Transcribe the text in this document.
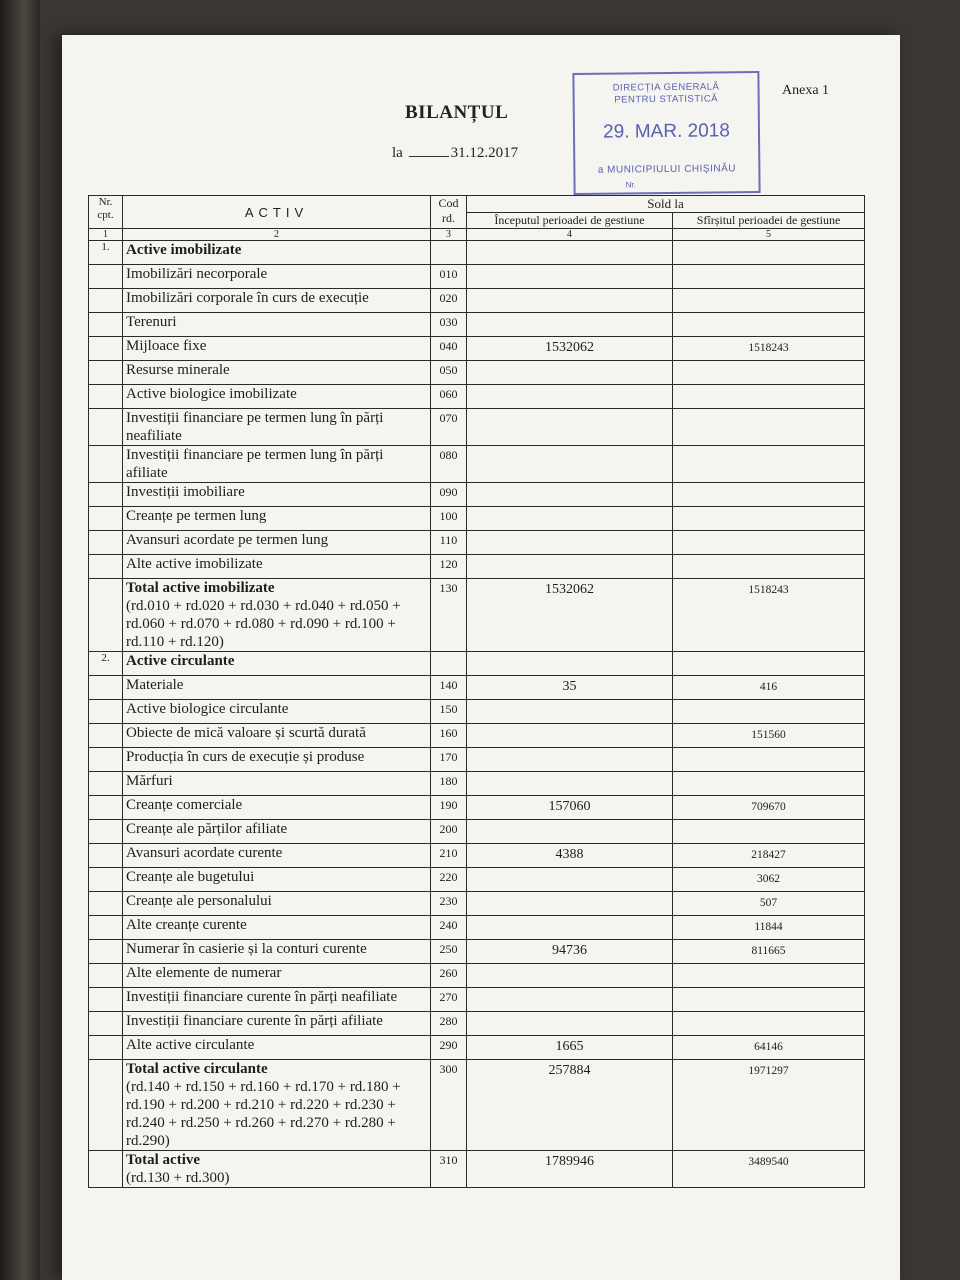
BILANȚUL
la	31.12.2017
Anexa 1
DIRECȚIA GENERALĂ
PENTRU STATISTICĂ
29. MAR. 2018
a MUNICIPIULUI CHIȘINĂU
Nr.
Nr. cpt.	ACTIV	Cod rd.	Sold la	
			Începutul perioadei de gestiune	Sfîrșitul perioadei de gestiune
1	2	3	4	5
1.	Active imobilizate			

	Imobilizări necorporale	010		

	Imobilizări corporale în curs de execuție	020		

	Terenuri	030		

	Mijloace fixe	040	1532062	1518243

	Resurse minerale	050		

	Active biologice imobilizate	060		

	Investiții financiare pe termen lung în părți neafiliate	070		

	Investiții financiare pe termen lung în părți afiliate	080		

	Investiții imobiliare	090		

	Creanțe pe termen lung	100		

	Avansuri acordate pe termen lung	110		

	Alte active imobilizate	120		

	Total active imobilizate
(rd.010 + rd.020 + rd.030 + rd.040 + rd.050 + rd.060 + rd.070 + rd.080 + rd.090 + rd.100 + rd.110 + rd.120)	130	1532062	1518243
2.	Active circulante			

	Materiale	140	35	416

	Active biologice circulante	150		

	Obiecte de mică valoare și scurtă durată	160		151560

	Producția în curs de execuție și produse	170		

	Mărfuri	180		

	Creanțe comerciale	190	157060	709670

	Creanțe ale părților afiliate	200		

	Avansuri acordate curente	210	4388	218427

	Creanțe ale bugetului	220		3062

	Creanțe ale personalului	230		507

	Alte creanțe curente	240		11844

	Numerar în casierie și la conturi curente	250	94736	811665

	Alte elemente de numerar	260		

	Investiții financiare curente în părți neafiliate	270		

	Investiții financiare curente în părți afiliate	280		

	Alte active circulante	290	1665	64146

	Total active circulante
(rd.140 + rd.150 + rd.160 + rd.170 + rd.180 + rd.190 + rd.200 + rd.210 + rd.220 + rd.230 + rd.240 + rd.250 + rd.260 + rd.270 + rd.280 + rd.290)	300	257884	1971297

	Total active
(rd.130 + rd.300)	310	1789946	3489540
